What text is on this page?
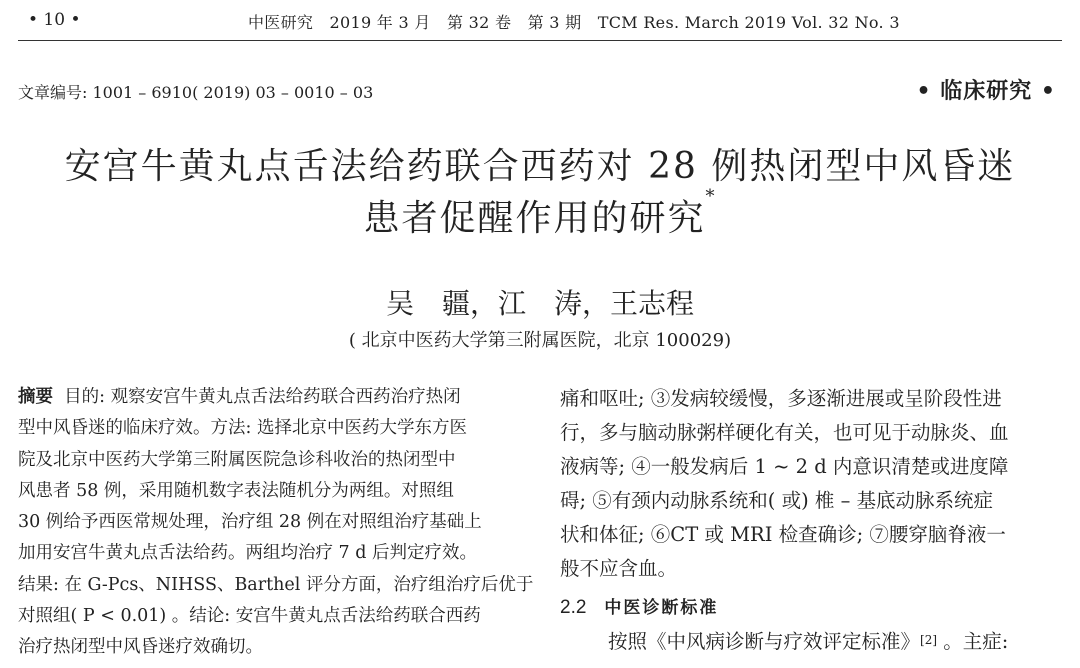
• 10 •	中医研究　2019 年 3 月　第 32 卷　第 3 期　TCM Res. March 2019 Vol. 32 No. 3
文章编号: 1001 – 6910( 2019) 03 – 0010 – 03	• 临床研究 •
安宫牛黄丸点舌法给药联合西药对 28 例热闭型中风昏迷
患者促醒作用的研究*
吴　疆，江　涛，王志程
( 北京中医药大学第三附属医院，北京 100029)
摘要 目的: 观察安宫牛黄丸点舌法给药联合西药治疗热闭
型中风昏迷的临床疗效。方法: 选择北京中医药大学东方医
院及北京中医药大学第三附属医院急诊科收治的热闭型中
风患者 58 例，采用随机数字表法随机分为两组。对照组
30 例给予西医常规处理，治疗组 28 例在对照组治疗基础上
加用安宫牛黄丸点舌法给药。两组均治疗 7 d 后判定疗效。
结果: 在 G-Pcs、NIHSS、Barthel 评分方面，治疗组治疗后优于
对照组( P < 0.01) 。结论: 安宫牛黄丸点舌法给药联合西药
治疗热闭型中风昏迷疗效确切。
痛和呕吐; ③发病较缓慢，多逐渐进展或呈阶段性进
行，多与脑动脉粥样硬化有关，也可见于动脉炎、血
液病等; ④一般发病后 1 ~ 2 d 内意识清楚或进度障
碍; ⑤有颈内动脉系统和( 或) 椎 – 基底动脉系统症
状和体征; ⑥CT 或 MRI 检查确诊; ⑦腰穿脑脊液一
般不应含血。
2.2 中医诊断标准
按照《中风病诊断与疗效评定标准》[2] 。主症:
